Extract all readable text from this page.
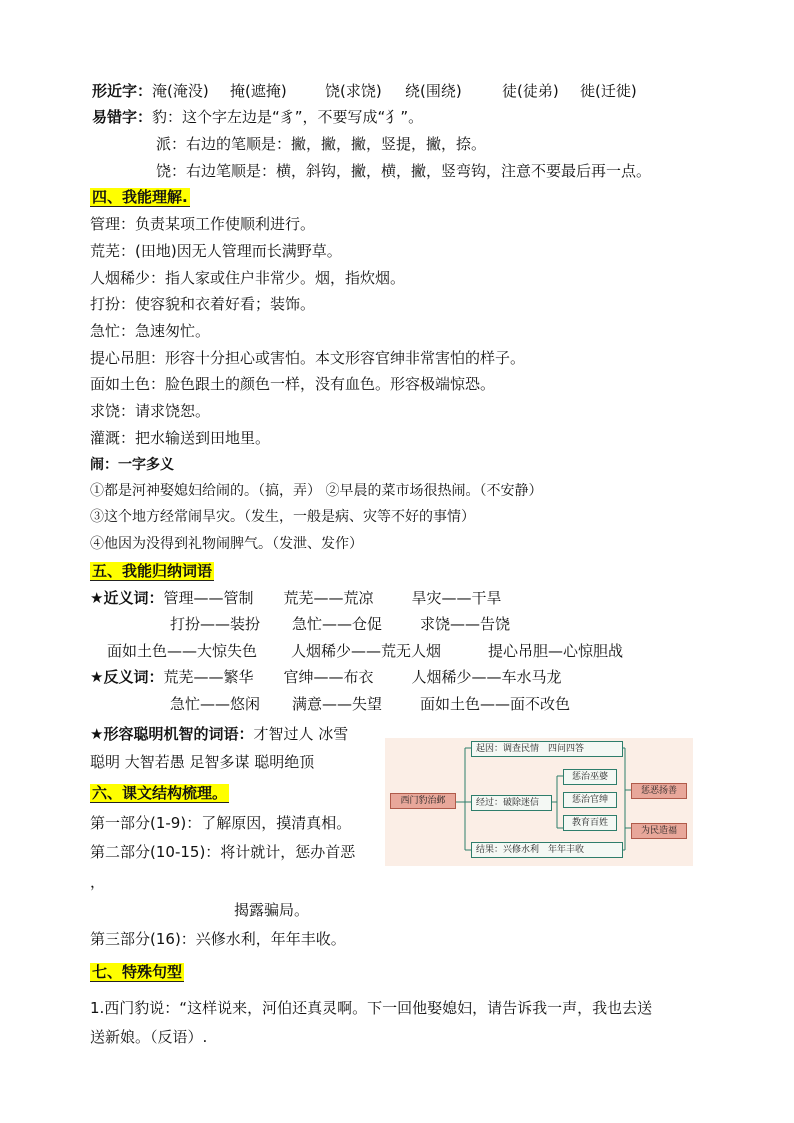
形近字：淹(淹没) 掩(遮掩)	饶(求饶) 绕(围绕)	徒(徒弟) 徙(迁徙)
易错字：豹：这个字左边是“豸”，不要写成“犭”。
派：右边的笔顺是：撇，撇，撇，竖提，撇，捺。
饶：右边笔顺是：横，斜钩，撇，横，撇，竖弯钩，注意不要最后再一点。
四、我能理解.
管理：负责某项工作使顺利进行。
荒芜：(田地)因无人管理而长满野草。
人烟稀少：指人家或住户非常少。烟，指炊烟。
打扮：使容貌和衣着好看；装饰。
急忙：急速匆忙。
提心吊胆：形容十分担心或害怕。本文形容官绅非常害怕的样子。
面如土色：脸色跟土的颜色一样，没有血色。形容极端惊恐。
求饶：请求饶恕。
灌溉：把水输送到田地里。
闹：一字多义
①都是河神娶媳妇给闹的。（搞，弄） ②早晨的菜市场很热闹。（不安静）
③这个地方经常闹旱灾。（发生，一般是病、灾等不好的事情）
④他因为没得到礼物闹脾气。（发泄、发作）
五、我能归纳词语
★近义词：管理——管制 荒芜——荒凉	旱灾——干旱
打扮——装扮 急忙——仓促	求饶——告饶
面如土色——大惊失色 人烟稀少——荒无人烟	提心吊胆—心惊胆战
★反义词：荒芜——繁华 官绅——布衣	人烟稀少——车水马龙
急忙——悠闲 满意——失望	面如土色——面不改色
★形容聪明机智的词语：才智过人 冰雪
聪明 大智若愚 足智多谋 聪明绝顶
六、课文结构梳理。
第一部分(1-9)：了解原因，摸清真相。
第二部分(10-15)：将计就计，惩办首恶
，
揭露骗局。
第三部分(16)：兴修水利，年年丰收。
西门豹治邺
起因：调查民情　四问四答
经过：破除迷信
惩治巫婆
惩治官绅
教育百姓
结果：兴修水利　年年丰收
惩恶扬善
为民造福
七、特殊句型
1.西门豹说：“这样说来，河伯还真灵啊。下一回他娶媳妇，请告诉我一声，我也去送
送新娘。（反语）.
